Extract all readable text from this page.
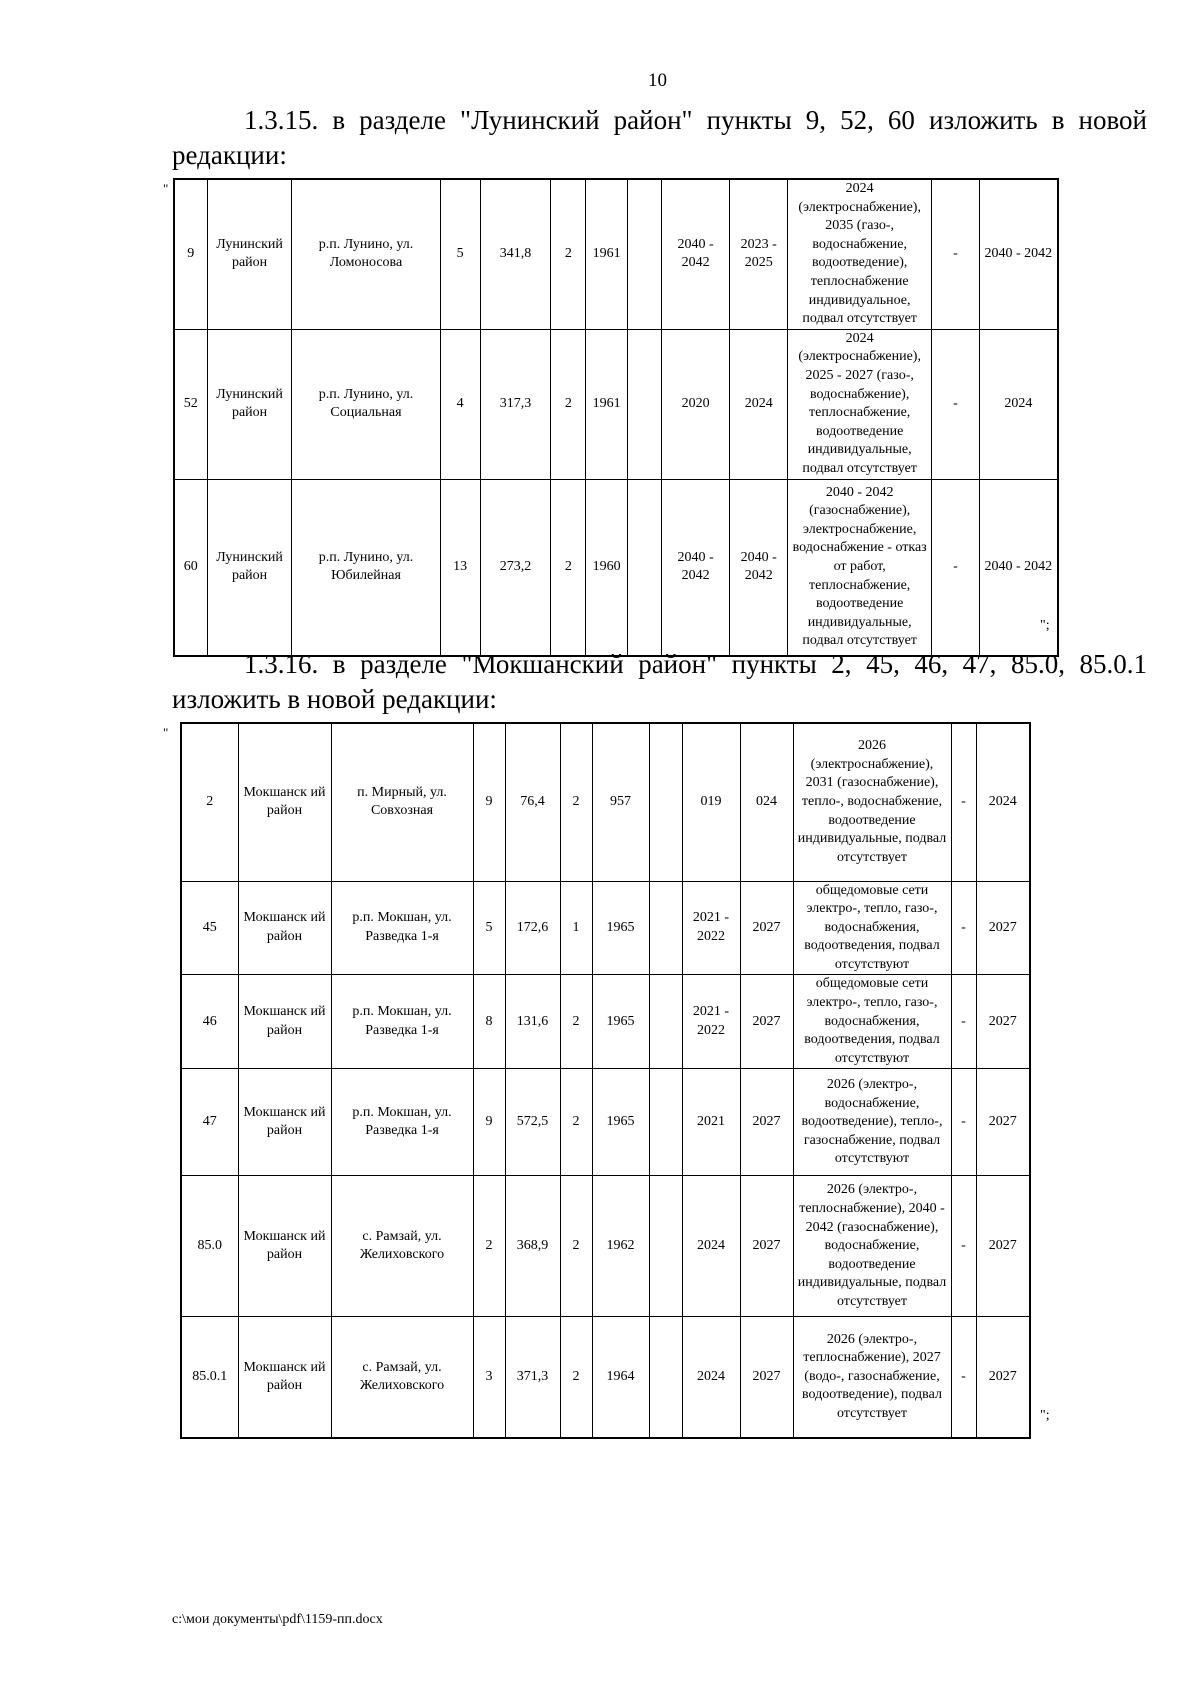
10
1.3.15. в разделе "Лунинский район" пункты 9, 52, 60 изложить в новой редакции:
"
9	Лунинский район	р.п. Лунино, ул. Ломоносова	5	341,8	2	1961		2040 - 2042	2023 - 2025	2024 (электроснабжение), 2035 (газо-, водоснабжение, водоотведение), теплоснабжение индивидуальное, подвал отсутствует	-	2040 - 2042
52	Лунинский район	р.п. Лунино, ул. Социальная	4	317,3	2	1961		2020	2024	2024 (электроснабжение), 2025 - 2027 (газо-, водоснабжение), теплоснабжение, водоотведение индивидуальные, подвал отсутствует	-	2024
60	Лунинский район	р.п. Лунино, ул. Юбилейная	13	273,2	2	1960		2040 - 2042	2040 - 2042	2040 - 2042 (газоснабжение), электроснабжение, водоснабжение - отказ от работ, теплоснабжение, водоотведение индивидуальные, подвал отсутствует	-	2040 - 2042
";
1.3.16. в разделе "Мокшанский район" пункты 2, 45, 46, 47, 85.0, 85.0.1 изложить в новой редакции:
"
2	Мокшанск ий район	п. Мирный, ул. Совхозная	9	76,4	2	957		019	024	2026 (электроснабжение), 2031 (газоснабжение), тепло-, водоснабжение, водоотведение индивидуальные, подвал отсутствует	-	2024
45	Мокшанск ий район	р.п. Мокшан, ул. Разведка 1-я	5	172,6	1	1965		2021 - 2022	2027	общедомовые сети электро-, тепло, газо-, водоснабжения, водоотведения, подвал отсутствуют	-	2027
46	Мокшанск ий район	р.п. Мокшан, ул. Разведка 1-я	8	131,6	2	1965		2021 - 2022	2027	общедомовые сети электро-, тепло, газо-, водоснабжения, водоотведения, подвал отсутствуют	-	2027
47	Мокшанск ий район	р.п. Мокшан, ул. Разведка 1-я	9	572,5	2	1965		2021	2027	2026 (электро-, водоснабжение, водоотведение), тепло-, газоснабжение, подвал отсутствуют	-	2027
85.0	Мокшанск ий район	с. Рамзай, ул. Желиховского	2	368,9	2	1962		2024	2027	2026 (электро-, теплоснабжение), 2040 - 2042 (газоснабжение), водоснабжение, водоотведение индивидуальные, подвал отсутствует	-	2027
85.0.1	Мокшанск ий район	с. Рамзай, ул. Желиховского	3	371,3	2	1964		2024	2027	2026 (электро-, теплоснабжение), 2027 (водо-, газоснабжение, водоотведение), подвал отсутствует	-	2027
";
c:\мои документы\pdf\1159-пп.docx
